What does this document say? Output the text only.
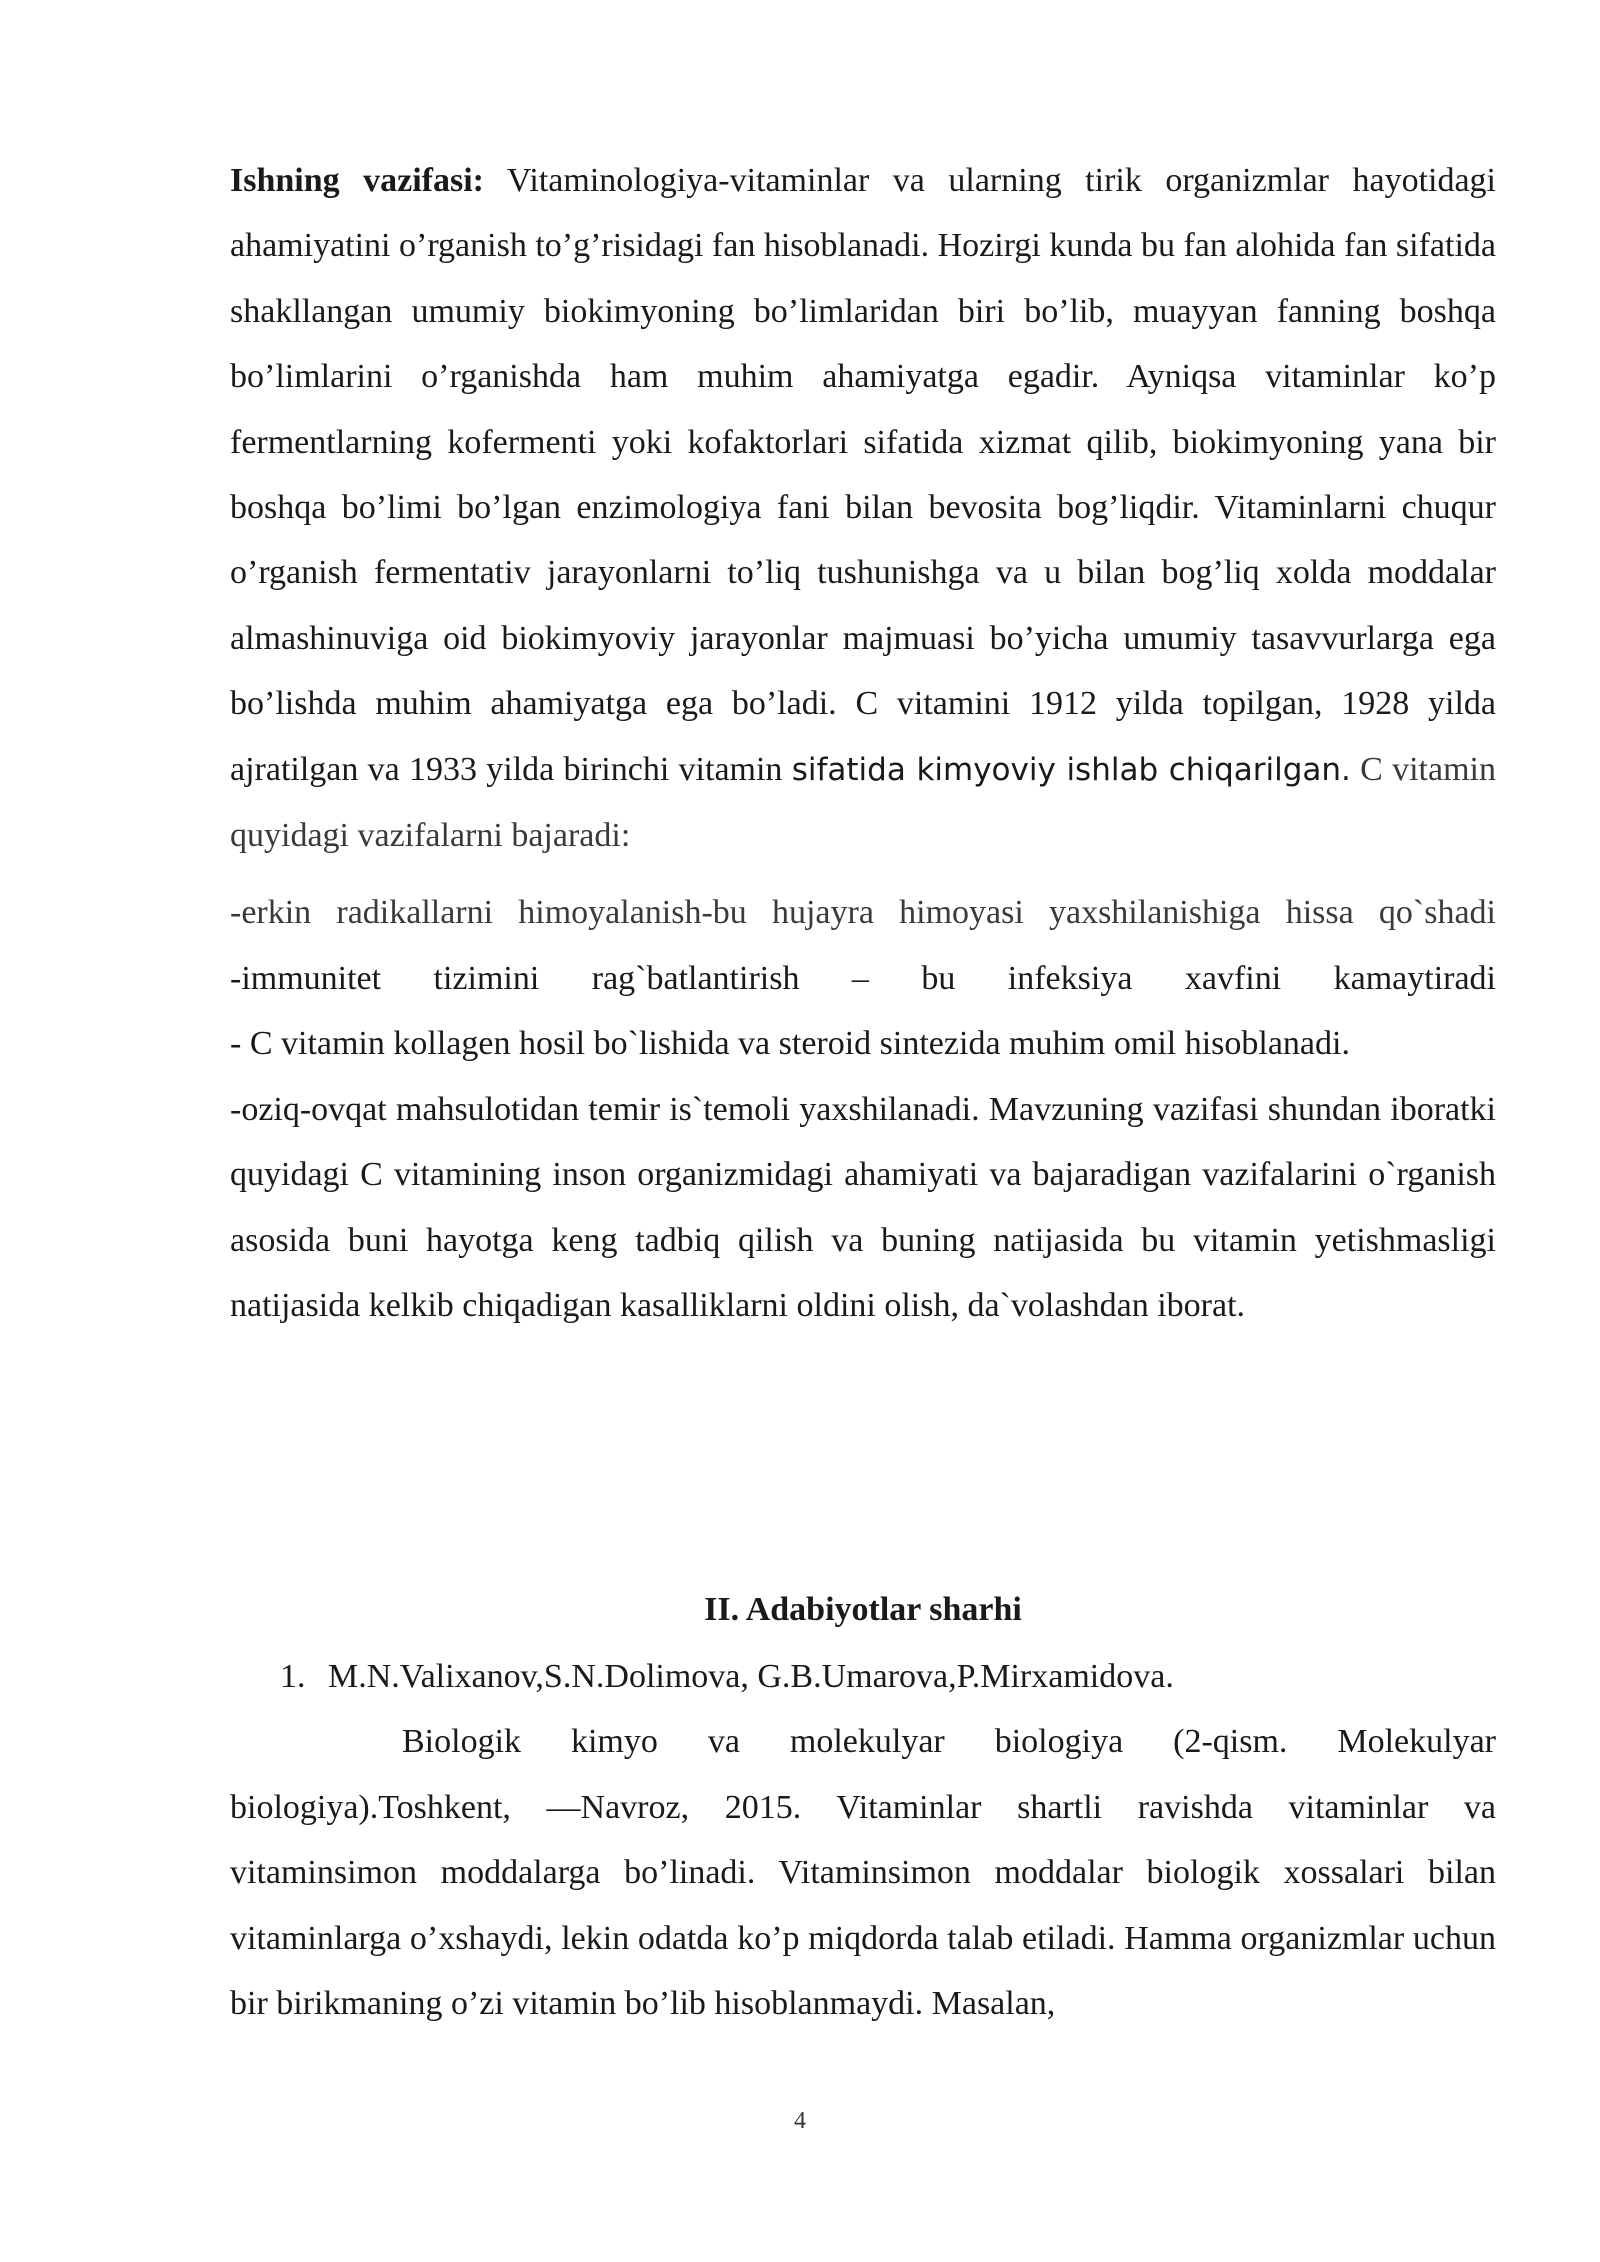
Ishning vazifasi: Vitaminologiya-vitaminlar va ularning tirik organizmlar hayotidagi ahamiyatini o’rganish to’g’risidagi fan hisoblanadi. Hozirgi kunda bu fan alohida fan sifatida shakllangan umumiy biokimyoning bo’limlaridan biri bo’lib, muayyan fanning boshqa bo’limlarini o’rganishda ham muhim ahamiyatga egadir. Ayniqsa vitaminlar ko’p fermentlarning kofermenti yoki kofaktorlari sifatida xizmat qilib, biokimyoning yana bir boshqa bo’limi bo’lgan enzimologiya fani bilan bevosita bog’liqdir. Vitaminlarni chuqur o’rganish fermentativ jarayonlarni to’liq tushunishga va u bilan bog’liq xolda moddalar almashinuviga oid biokimyoviy jarayonlar majmuasi bo’yicha umumiy tasavvurlarga ega bo’lishda muhim ahamiyatga ega bo’ladi. C vitamini 1912 yilda topilgan, 1928 yilda ajratilgan va 1933 yilda birinchi vitamin sifatida kimyoviy ishlab chiqarilgan. C vitamin quyidagi vazifalarni bajaradi:

-erkin radikallarni himoyalanish-bu hujayra himoyasi yaxshilanishiga hissa qo`shadi

-immunitet tizimini rag`batlantirish – bu infeksiya xavfini kamaytiradi

- C vitamin kollagen hosil bo`lishida va steroid sintezida muhim omil hisoblanadi.

-oziq-ovqat mahsulotidan temir is`temoli yaxshilanadi. Mavzuning vazifasi shundan iboratki quyidagi C vitamining inson organizmidagi ahamiyati va bajaradigan vazifalarini o`rganish asosida buni hayotga keng tadbiq qilish va buning natijasida bu vitamin yetishmasligi natijasida kelkib chiqadigan kasalliklarni oldini olish, da`volashdan iborat.

II. Adabiyotlar sharhi

1. M.N.Valixanov,S.N.Dolimova, G.B.Umarova,P.Mirxamidova.

Biologik kimyo va molekulyar biologiya (2-qism. Molekulyar biologiya).Toshkent, ―Navroz, 2015. Vitaminlar shartli ravishda vitaminlar va vitaminsimon moddalarga bo’linadi. Vitaminsimon moddalar biologik xossalari bilan vitaminlarga o’xshaydi, lekin odatda ko’p miqdorda talab etiladi. Hamma organizmlar uchun bir birikmaning o’zi vitamin bo’lib hisoblanmaydi. Masalan,

4
